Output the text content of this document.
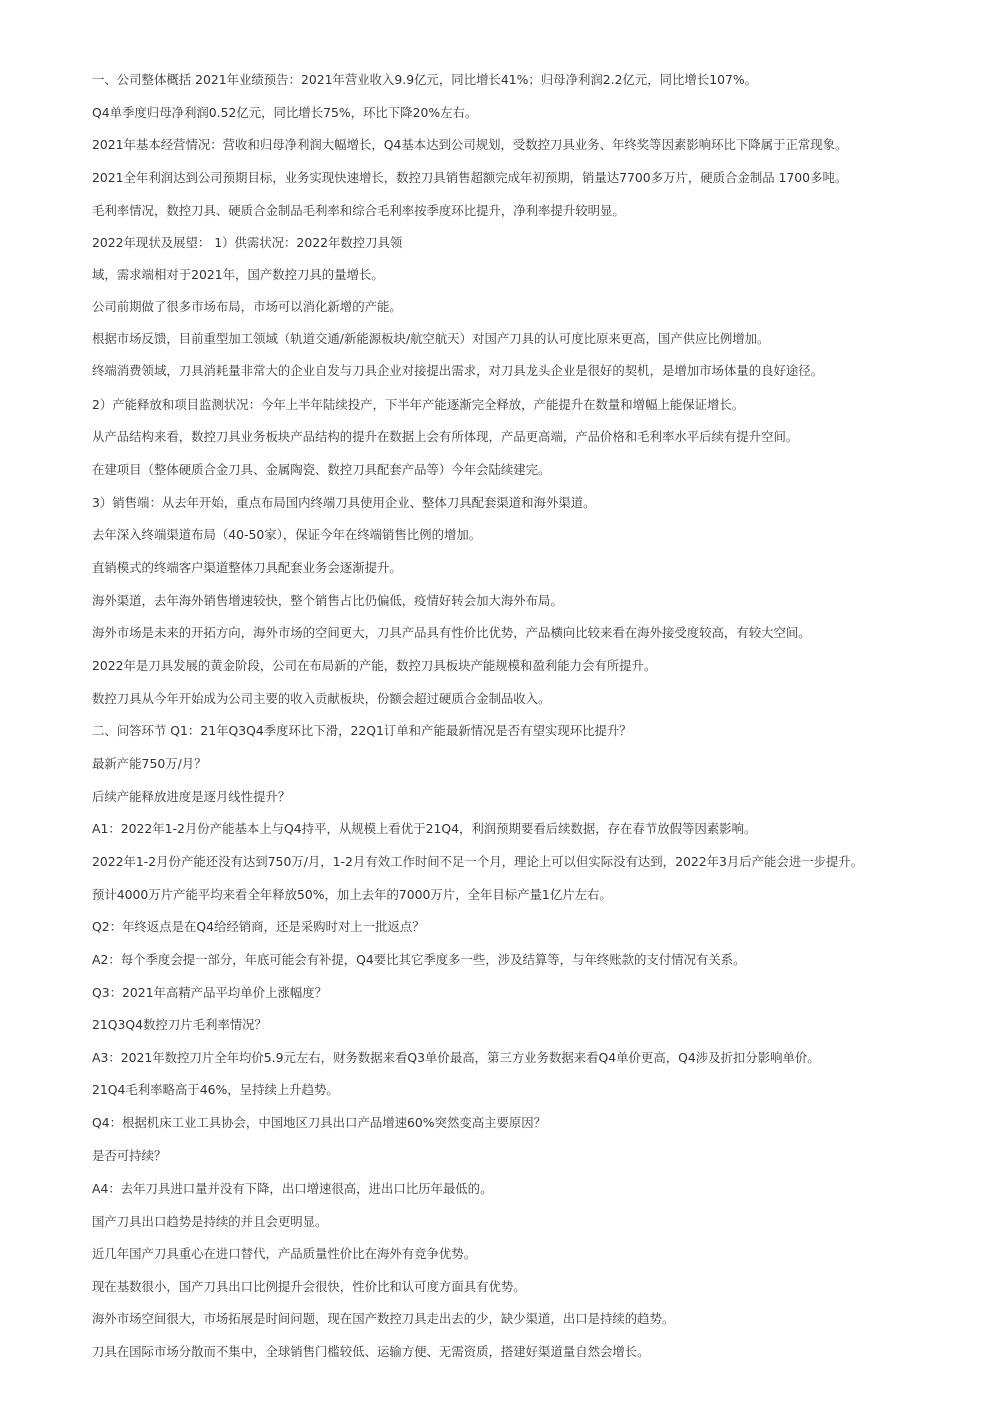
一、公司整体概括 2021年业绩预告：2021年营业收入9.9亿元，同比增长41%；归母净利润2.2亿元，同比增长107%。

Q4单季度归母净利润0.52亿元，同比增长75%，环比下降20%左右。

2021年基本经营情况：营收和归母净利润大幅增长，Q4基本达到公司规划，受数控刀具业务、年终奖等因素影响环比下降属于正常现象。

2021全年利润达到公司预期目标，业务实现快速增长，数控刀具销售超额完成年初预期，销量达7700多万片，硬质合金制品 1700多吨。

毛利率情况，数控刀具、硬质合金制品毛利率和综合毛利率按季度环比提升，净利率提升较明显。

2022年现状及展望： 1）供需状况：2022年数控刀具领

域，需求端相对于2021年，国产数控刀具的量增长。

公司前期做了很多市场布局，市场可以消化新增的产能。

根据市场反馈，目前重型加工领域（轨道交通/新能源板块/航空航天）对国产刀具的认可度比原来更高，国产供应比例增加。

终端消费领域，刀具消耗量非常大的企业自发与刀具企业对接提出需求，对刀具龙头企业是很好的契机，是增加市场体量的良好途径。

2）产能释放和项目监测状况：今年上半年陆续投产，下半年产能逐渐完全释放，产能提升在数量和增幅上能保证增长。

从产品结构来看，数控刀具业务板块产品结构的提升在数据上会有所体现，产品更高端，产品价格和毛利率水平后续有提升空间。

在建项目（整体硬质合金刀具、金属陶瓷、数控刀具配套产品等）今年会陆续建完。

3）销售端：从去年开始，重点布局国内终端刀具使用企业、整体刀具配套渠道和海外渠道。

去年深入终端渠道布局（40-50家），保证今年在终端销售比例的增加。

直销模式的终端客户渠道整体刀具配套业务会逐渐提升。

海外渠道，去年海外销售增速较快，整个销售占比仍偏低，疫情好转会加大海外布局。

海外市场是未来的开拓方向，海外市场的空间更大，刀具产品具有性价比优势，产品横向比较来看在海外接受度较高，有较大空间。

2022年是刀具发展的黄金阶段，公司在布局新的产能，数控刀具板块产能规模和盈利能力会有所提升。

数控刀具从今年开始成为公司主要的收入贡献板块，份额会超过硬质合金制品收入。

二、问答环节 Q1：21年Q3Q4季度环比下滑，22Q1订单和产能最新情况是否有望实现环比提升？

最新产能750万/月？

后续产能释放进度是逐月线性提升？

A1：2022年1-2月份产能基本上与Q4持平，从规模上看优于21Q4，利润预期要看后续数据，存在春节放假等因素影响。

2022年1-2月份产能还没有达到750万/月，1-2月有效工作时间不足一个月，理论上可以但实际没有达到，2022年3月后产能会进一步提升。

预计4000万片产能平均来看全年释放50%，加上去年的7000万片，全年目标产量1亿片左右。

Q2：年终返点是在Q4给经销商，还是采购时对上一批返点？

A2：每个季度会提一部分，年底可能会有补提，Q4要比其它季度多一些，涉及结算等，与年终账款的支付情况有关系。

Q3：2021年高精产品平均单价上涨幅度？

21Q3Q4数控刀片毛利率情况？

A3：2021年数控刀片全年均价5.9元左右，财务数据来看Q3单价最高，第三方业务数据来看Q4单价更高，Q4涉及折扣分影响单价。

21Q4毛利率略高于46%，呈持续上升趋势。

Q4：根据机床工业工具协会，中国地区刀具出口产品增速60%突然变高主要原因？

是否可持续？

A4：去年刀具进口量并没有下降，出口增速很高，进出口比历年最低的。

国产刀具出口趋势是持续的并且会更明显。

近几年国产刀具重心在进口替代，产品质量性价比在海外有竞争优势。

现在基数很小，国产刀具出口比例提升会很快，性价比和认可度方面具有优势。

海外市场空间很大，市场拓展是时间问题，现在国产数控刀具走出去的少，缺少渠道，出口是持续的趋势。

刀具在国际市场分散而不集中，全球销售门槛较低、运输方便、无需资质，搭建好渠道量自然会增长。
